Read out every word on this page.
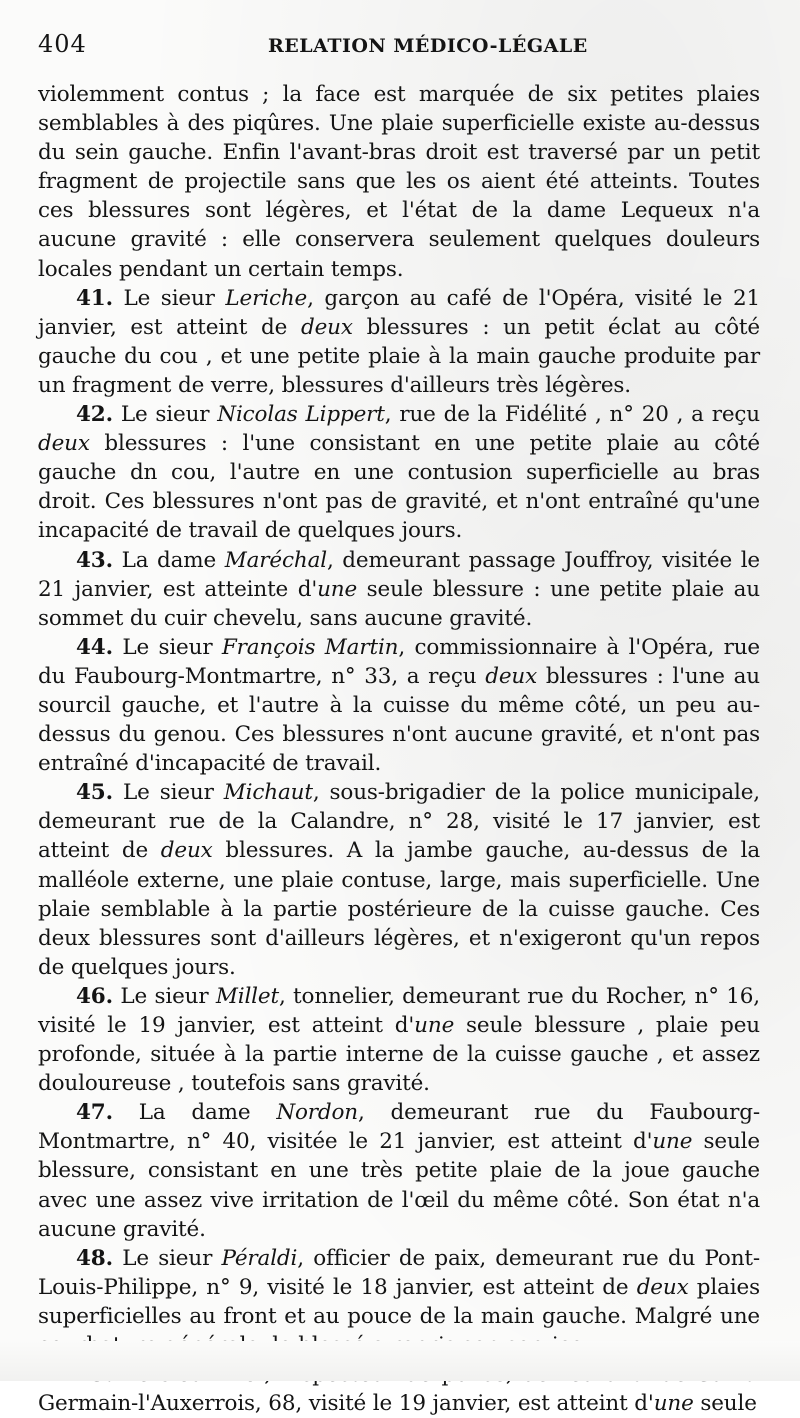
404	RELATION MÉDICO-LÉGALE

violemment contus ; la face est marquée de six petites plaies semblables à des piqûres. Une plaie superficielle existe au-dessus du sein gauche. Enfin l'avant-bras droit est traversé par un petit fragment de projectile sans que les os aient été atteints. Toutes ces blessures sont légères, et l'état de la dame Lequeux n'a aucune gravité : elle conservera seulement quelques douleurs locales pendant un certain temps.

41. Le sieur Leriche, garçon au café de l'Opéra, visité le 21 janvier, est atteint de deux blessures : un petit éclat au côté gauche du cou , et une petite plaie à la main gauche produite par un fragment de verre, blessures d'ailleurs très légères.

42. Le sieur Nicolas Lippert, rue de la Fidélité , n° 20 , a reçu deux blessures : l'une consistant en une petite plaie au côté gauche dn cou, l'autre en une contusion superficielle au bras droit. Ces blessures n'ont pas de gravité, et n'ont entraîné qu'une incapacité de travail de quelques jours.

43. La dame Maréchal, demeurant passage Jouffroy, visitée le 21 janvier, est atteinte d'une seule blessure : une petite plaie au sommet du cuir chevelu, sans aucune gravité.

44. Le sieur François Martin, commissionnaire à l'Opéra, rue du Faubourg-Montmartre, n° 33, a reçu deux blessures : l'une au sourcil gauche, et l'autre à la cuisse du même côté, un peu au-dessus du genou. Ces blessures n'ont aucune gravité, et n'ont pas entraîné d'incapacité de travail.

45. Le sieur Michaut, sous-brigadier de la police municipale, demeurant rue de la Calandre, n° 28, visité le 17 janvier, est atteint de deux blessures. A la jambe gauche, au-dessus de la malléole externe, une plaie contuse, large, mais superficielle. Une plaie semblable à la partie postérieure de la cuisse gauche. Ces deux blessures sont d'ailleurs légères, et n'exigeront qu'un repos de quelques jours.

46. Le sieur Millet, tonnelier, demeurant rue du Rocher, n° 16, visité le 19 janvier, est atteint d'une seule blessure , plaie peu profonde, située à la partie interne de la cuisse gauche , et assez douloureuse , toutefois sans gravité.

47. La dame Nordon, demeurant rue du Faubourg-Montmartre, n° 40, visitée le 21 janvier, est atteint d'une seule blessure, consistant en une très petite plaie de la joue gauche avec une assez vive irritation de l'œil du même côté. Son état n'a aucune gravité.

48. Le sieur Péraldi, officier de paix, demeurant rue du Pont-Louis-Philippe, n° 9, visité le 18 janvier, est atteint de deux plaies superficielles au front et au pouce de la main gauche. Malgré une

Germain-l'Auxerrois, 68, visité le 19 janvier, est atteint d'une seule
